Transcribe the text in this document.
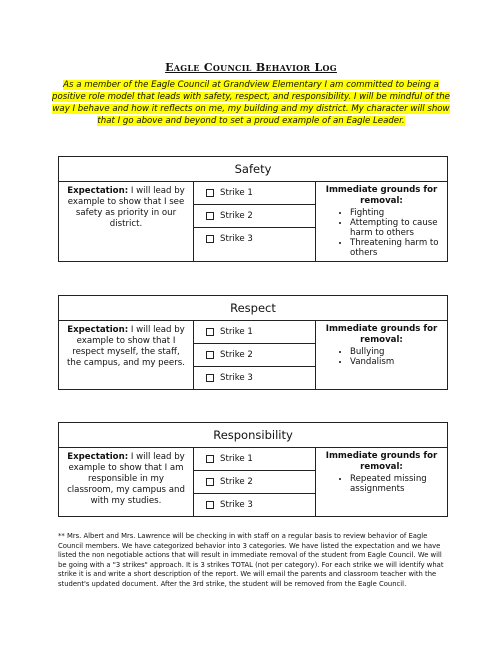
Eagle Council Behavior Log
As a member of the Eagle Council at Grandview Elementary I am committed to being a positive role model that leads with safety, respect, and responsibility. I will be mindful of the way I behave and how it reflects on me, my building and my district. My character will show that I go above and beyond to set a proud example of an Eagle Leader.
Safety
Expectation: I will lead by example to show that I see safety as priority in our district.
Strike 1
Strike 2
Strike 3
Immediate grounds for removal:
• Fighting
• Attempting to cause harm to others
• Threatening harm to others
Respect
Expectation: I will lead by example to show that I respect myself, the staff, the campus, and my peers.
Strike 1
Strike 2
Strike 3
Immediate grounds for removal:
• Bullying
• Vandalism
Responsibility
Expectation: I will lead by example to show that I am responsible in my classroom, my campus and with my studies.
Strike 1
Strike 2
Strike 3
Immediate grounds for removal:
• Repeated missing assignments
** Mrs. Albert and Mrs. Lawrence will be checking in with staff on a regular basis to review behavior of Eagle Council members. We have categorized behavior into 3 categories. We have listed the expectation and we have listed the non negotiable actions that will result in immediate removal of the student from Eagle Council. We will be going with a "3 strikes" approach. It is 3 strikes TOTAL (not per category). For each strike we will identify what strike it is and write a short description of the report. We will email the parents and classroom teacher with the student's updated document. After the 3rd strike, the student will be removed from the Eagle Council.
